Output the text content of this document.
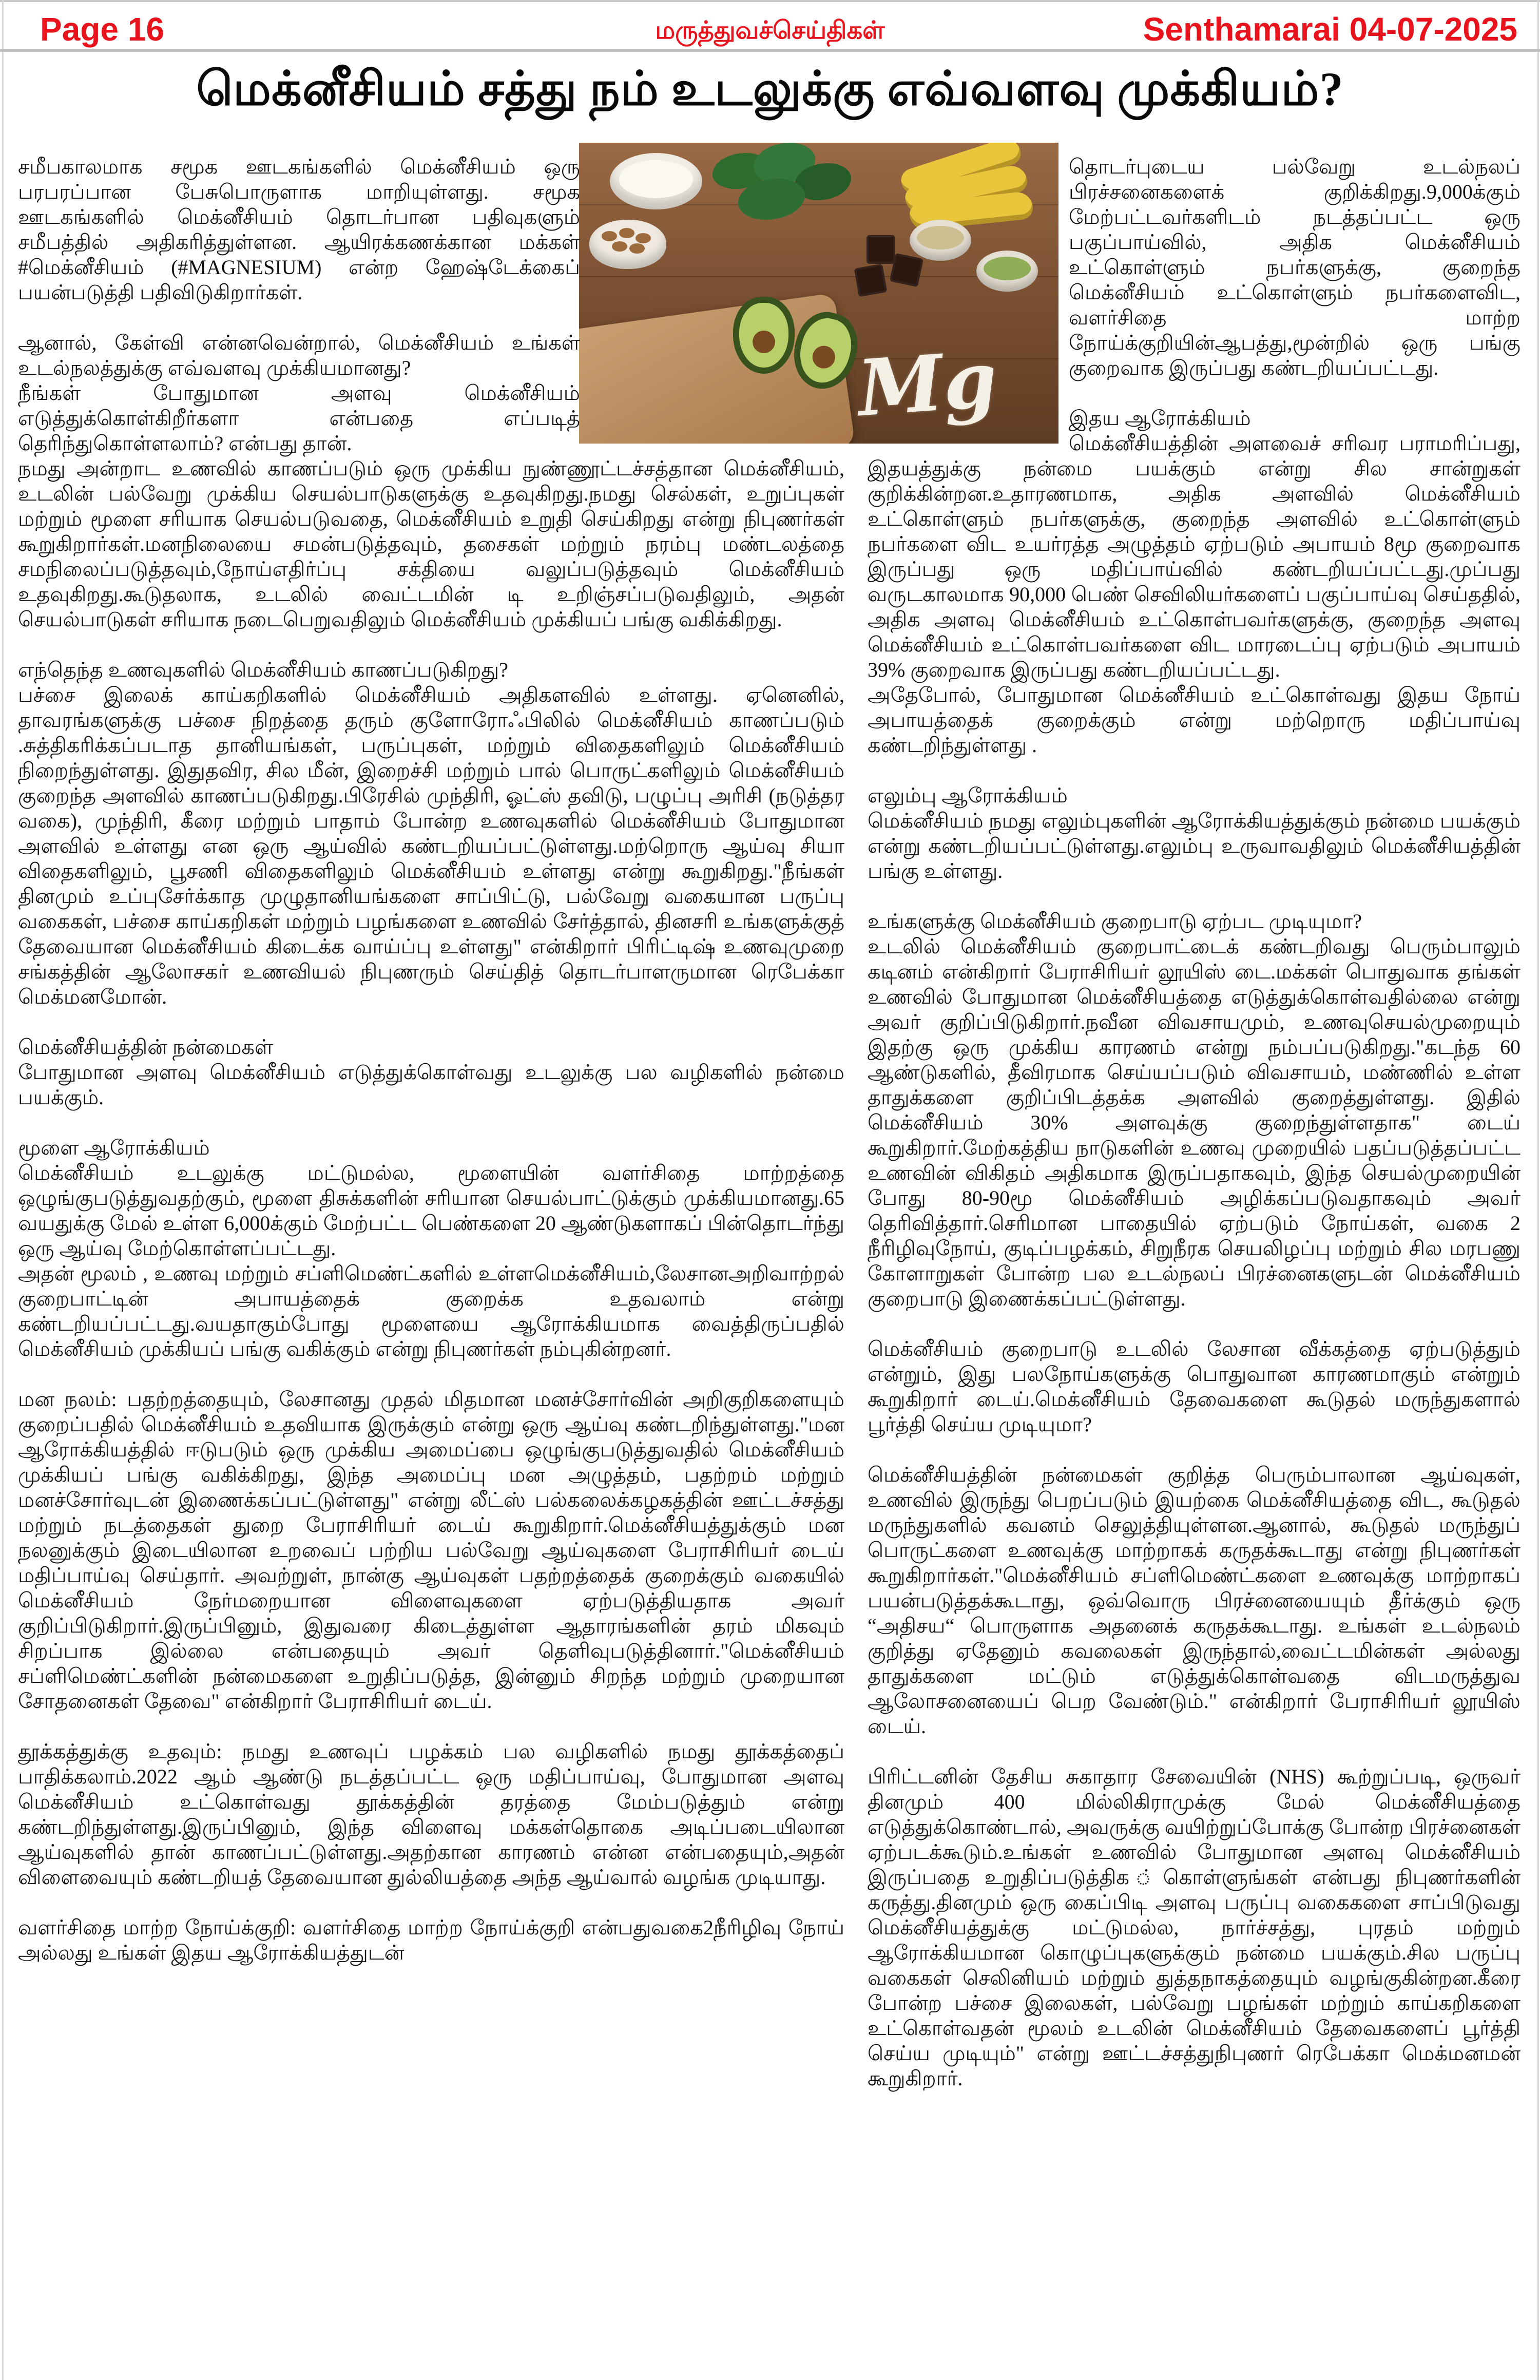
Page 16	மருத்துவச்செய்திகள்	Senthamarai 04-07-2025
மெக்னீசியம் சத்து நம் உடலுக்கு எவ்வளவு முக்கியம்?
Mg

சமீபகாலமாக சமூக ஊடகங்களில் மெக்னீசியம் ஒரு பரபரப்பான பேசுபொருளாக மாறியுள்ளது. சமூக ஊடகங்களில் மெக்னீசியம் தொடர்பான பதிவுகளும் சமீபத்தில் அதிகரித்துள்ளன. ஆயிரக்கணக்கான மக்கள் #மெக்னீசியம் (#MAGNESIUM) என்ற ஹேஷ்டேக்கைப் பயன்படுத்தி பதிவிடுகிறார்கள்.

ஆனால், கேள்வி என்னவென்றால், மெக்னீசியம் உங்கள் உடல்நலத்துக்கு எவ்வளவு முக்கியமானது?

நீங்கள் போதுமான அளவு மெக்னீசியம் எடுத்துக்கொள்கிறீர்களா என்பதை எப்படித் தெரிந்துகொள்ளலாம்? என்பது தான்.

நமது அன்றாட உணவில் காணப்படும் ஒரு முக்கிய நுண்ணூட்டச்சத்தான மெக்னீசியம், உடலின் பல்வேறு முக்கிய செயல்பாடுகளுக்கு உதவுகிறது.நமது செல்கள், உறுப்புகள் மற்றும் மூளை சரியாக செயல்படுவதை, மெக்னீசியம் உறுதி செய்கிறது என்று நிபுணர்கள் கூறுகிறார்கள்.மனநிலையை சமன்படுத்தவும், தசைகள் மற்றும் நரம்பு மண்டலத்தை சமநிலைப்படுத்தவும்,நோய்எதிர்ப்பு சக்தியை வலுப்படுத்தவும் மெக்னீசியம் உதவுகிறது.கூடுதலாக, உடலில் வைட்டமின் டி உறிஞ்சப்படுவதிலும், அதன் செயல்பாடுகள் சரியாக நடைபெறுவதிலும் மெக்னீசியம் முக்கியப் பங்கு வகிக்கிறது.

எந்தெந்த உணவுகளில் மெக்னீசியம் காணப்படுகிறது?

பச்சை இலைக் காய்கறிகளில் மெக்னீசியம் அதிகளவில் உள்ளது. ஏனெனில், தாவரங்களுக்கு பச்சை நிறத்தை தரும் குளோரோஃபிலில் மெக்னீசியம் காணப்படும் .சுத்திகரிக்கப்படாத தானியங்கள், பருப்புகள், மற்றும் விதைகளிலும் மெக்னீசியம் நிறைந்துள்ளது. இதுதவிர, சில மீன், இறைச்சி மற்றும் பால் பொருட்களிலும் மெக்னீசியம் குறைந்த அளவில் காணப்படுகிறது.பிரேசில் முந்திரி, ஓட்ஸ் தவிடு, பழுப்பு அரிசி (நடுத்தர வகை), முந்திரி, கீரை மற்றும் பாதாம் போன்ற உணவுகளில் மெக்னீசியம் போதுமான அளவில் உள்ளது என ஒரு ஆய்வில் கண்டறியப்பட்டுள்ளது.மற்றொரு ஆய்வு சியா விதைகளிலும், பூசணி விதைகளிலும் மெக்னீசியம் உள்ளது என்று கூறுகிறது."நீங்கள் தினமும் உப்புசேர்க்காத முழுதானியங்களை சாப்பிட்டு, பல்வேறு வகையான பருப்பு வகைகள், பச்சை காய்கறிகள் மற்றும் பழங்களை உணவில் சேர்த்தால், தினசரி உங்களுக்குத் தேவையான மெக்னீசியம் கிடைக்க வாய்ப்பு உள்ளது" என்கிறார் பிரிட்டிஷ் உணவுமுறை சங்கத்தின் ஆலோசகர் உணவியல் நிபுணரும் செய்தித் தொடர்பாளருமான ரெபேக்கா மெக்மனமோன்.

மெக்னீசியத்தின் நன்மைகள்

போதுமான அளவு மெக்னீசியம் எடுத்துக்கொள்வது உடலுக்கு பல வழிகளில் நன்மை பயக்கும்.

மூளை ஆரோக்கியம்

மெக்னீசியம் உடலுக்கு மட்டுமல்ல, மூளையின் வளர்சிதை மாற்றத்தை ஒழுங்குபடுத்துவதற்கும், மூளை திசுக்களின் சரியான செயல்பாட்டுக்கும் முக்கியமானது.65 வயதுக்கு மேல் உள்ள 6,000க்கும் மேற்பட்ட பெண்களை 20 ஆண்டுகளாகப் பின்தொடர்ந்து ஒரு ஆய்வு மேற்கொள்ளப்பட்டது.

அதன் மூலம் , உணவு மற்றும் சப்ளிமெண்ட்களில் உள்ளமெக்னீசியம்,லேசானஅறிவாற்றல் குறைபாட்டின் அபாயத்தைக் குறைக்க உதவலாம் என்று கண்டறியப்பட்டது.வயதாகும்போது மூளையை ஆரோக்கியமாக வைத்திருப்பதில் மெக்னீசியம் முக்கியப் பங்கு வகிக்கும் என்று நிபுணர்கள் நம்புகின்றனர்.

மன நலம்: பதற்றத்தையும், லேசானது முதல் மிதமான மனச்சோர்வின் அறிகுறிகளையும் குறைப்பதில் மெக்னீசியம் உதவியாக இருக்கும் என்று ஒரு ஆய்வு கண்டறிந்துள்ளது."மன ஆரோக்கியத்தில் ஈடுபடும் ஒரு முக்கிய அமைப்பை ஒழுங்குபடுத்துவதில் மெக்னீசியம் முக்கியப் பங்கு வகிக்கிறது, இந்த அமைப்பு மன அழுத்தம், பதற்றம் மற்றும் மனச்சோர்வுடன் இணைக்கப்பட்டுள்ளது" என்று லீட்ஸ் பல்கலைக்கழகத்தின் ஊட்டச்சத்து மற்றும் நடத்தைகள் துறை பேராசிரியர் டைய் கூறுகிறார்.மெக்னீசியத்துக்கும் மன நலனுக்கும் இடையிலான உறவைப் பற்றிய பல்வேறு ஆய்வுகளை பேராசிரியர் டைய் மதிப்பாய்வு செய்தார். அவற்றுள், நான்கு ஆய்வுகள் பதற்றத்தைக் குறைக்கும் வகையில் மெக்னீசியம் நேர்மறையான விளைவுகளை ஏற்படுத்தியதாக அவர் குறிப்பிடுகிறார்.இருப்பினும், இதுவரை கிடைத்துள்ள ஆதாரங்களின் தரம் மிகவும் சிறப்பாக இல்லை என்பதையும் அவர் தெளிவுபடுத்தினார்."மெக்னீசியம் சப்ளிமெண்ட்களின் நன்மைகளை உறுதிப்படுத்த, இன்னும் சிறந்த மற்றும் முறையான சோதனைகள் தேவை" என்கிறார் பேராசிரியர் டைய்.

தூக்கத்துக்கு உதவும்: நமது உணவுப் பழக்கம் பல வழிகளில் நமது தூக்கத்தைப் பாதிக்கலாம்.2022 ஆம் ஆண்டு நடத்தப்பட்ட ஒரு மதிப்பாய்வு, போதுமான அளவு மெக்னீசியம் உட்கொள்வது தூக்கத்தின் தரத்தை மேம்படுத்தும் என்று கண்டறிந்துள்ளது.இருப்பினும், இந்த விளைவு மக்கள்தொகை அடிப்படையிலான ஆய்வுகளில் தான் காணப்பட்டுள்ளது.அதற்கான காரணம் என்ன என்பதையும்,அதன் விளைவையும் கண்டறியத் தேவையான துல்லியத்தை அந்த ஆய்வால் வழங்க முடியாது.

வளர்சிதை மாற்ற நோய்க்குறி: வளர்சிதை மாற்ற நோய்க்குறி என்பதுவகை2நீரிழிவு நோய் அல்லது உங்கள் இதய ஆரோக்கியத்துடன்

தொடர்புடைய பல்வேறு உடல்நலப் பிரச்சனைகளைக் குறிக்கிறது.9,000க்கும் மேற்பட்டவர்களிடம் நடத்தப்பட்ட ஒரு பகுப்பாய்வில், அதிக மெக்னீசியம் உட்கொள்ளும் நபர்களுக்கு, குறைந்த மெக்னீசியம் உட்கொள்ளும் நபர்களைவிட, வளர்சிதை மாற்ற நோய்க்குறியின்ஆபத்து,மூன்றில் ஒரு பங்கு குறைவாக இருப்பது கண்டறியப்பட்டது.

இதய ஆரோக்கியம்

மெக்னீசியத்தின் அளவைச் சரிவர பராமரிப்பது, இதயத்துக்கு நன்மை பயக்கும் என்று சில சான்றுகள் குறிக்கின்றன.உதாரணமாக, அதிக அளவில் மெக்னீசியம் உட்கொள்ளும் நபர்களுக்கு, குறைந்த அளவில் உட்கொள்ளும் நபர்களை விட உயர்ரத்த அழுத்தம் ஏற்படும் அபாயம் 8மூ குறைவாக இருப்பது ஒரு மதிப்பாய்வில் கண்டறியப்பட்டது.முப்பது வருடகாலமாக 90,000 பெண் செவிலியர்களைப் பகுப்பாய்வு செய்ததில், அதிக அளவு மெக்னீசியம் உட்கொள்பவர்களுக்கு, குறைந்த அளவு மெக்னீசியம் உட்கொள்பவர்களை விட மாரடைப்பு ஏற்படும் அபாயம் 39% குறைவாக இருப்பது கண்டறியப்பட்டது.

அதேபோல், போதுமான மெக்னீசியம் உட்கொள்வது இதய நோய் அபாயத்தைக் குறைக்கும் என்று மற்றொரு மதிப்பாய்வு கண்டறிந்துள்ளது .

எலும்பு ஆரோக்கியம்

மெக்னீசியம் நமது எலும்புகளின் ஆரோக்கியத்துக்கும் நன்மை பயக்கும் என்று கண்டறியப்பட்டுள்ளது.எலும்பு உருவாவதிலும் மெக்னீசியத்தின் பங்கு உள்ளது.

உங்களுக்கு மெக்னீசியம் குறைபாடு ஏற்பட முடியுமா?

உடலில் மெக்னீசியம் குறைபாட்டைக் கண்டறிவது பெரும்பாலும் கடினம் என்கிறார் பேராசிரியர் லூயிஸ் டை.மக்கள் பொதுவாக தங்கள் உணவில் போதுமான மெக்னீசியத்தை எடுத்துக்கொள்வதில்லை என்று அவர் குறிப்பிடுகிறார்.நவீன விவசாயமும், உணவுசெயல்முறையும் இதற்கு ஒரு முக்கிய காரணம் என்று நம்பப்படுகிறது."கடந்த 60 ஆண்டுகளில், தீவிரமாக செய்யப்படும் விவசாயம், மண்ணில் உள்ள தாதுக்களை குறிப்பிடத்தக்க அளவில் குறைத்துள்ளது. இதில் மெக்னீசியம் 30% அளவுக்கு குறைந்துள்ளதாக" டைய் கூறுகிறார்.மேற்கத்திய நாடுகளின் உணவு முறையில் பதப்படுத்தப்பட்ட உணவின் விகிதம் அதிகமாக இருப்பதாகவும், இந்த செயல்முறையின் போது 80-90மூ மெக்னீசியம் அழிக்கப்படுவதாகவும் அவர் தெரிவித்தார்.செரிமான பாதையில் ஏற்படும் நோய்கள், வகை 2 நீரிழிவுநோய், குடிப்பழக்கம், சிறுநீரக செயலிழப்பு மற்றும் சில மரபணு கோளாறுகள் போன்ற பல உடல்நலப் பிரச்னைகளுடன் மெக்னீசியம் குறைபாடு இணைக்கப்பட்டுள்ளது.

மெக்னீசியம் குறைபாடு உடலில் லேசான வீக்கத்தை ஏற்படுத்தும் என்றும், இது பலநோய்களுக்கு பொதுவான காரணமாகும் என்றும் கூறுகிறார் டைய்.மெக்னீசியம் தேவைகளை கூடுதல் மருந்துகளால் பூர்த்தி செய்ய முடியுமா?

மெக்னீசியத்தின் நன்மைகள் குறித்த பெரும்பாலான ஆய்வுகள், உணவில் இருந்து பெறப்படும் இயற்கை மெக்னீசியத்தை விட, கூடுதல் மருந்துகளில் கவனம் செலுத்தியுள்ளன.ஆனால், கூடுதல் மருந்துப் பொருட்களை உணவுக்கு மாற்றாகக் கருதக்கூடாது என்று நிபுணர்கள் கூறுகிறார்கள்."மெக்னீசியம் சப்ளிமெண்ட்களை உணவுக்கு மாற்றாகப் பயன்படுத்தக்கூடாது, ஒவ்வொரு பிரச்னையையும் தீர்க்கும் ஒரு “அதிசய“ பொருளாக அதனைக் கருதக்கூடாது. உங்கள் உடல்நலம் குறித்து ஏதேனும் கவலைகள் இருந்தால்,வைட்டமின்கள் அல்லது தாதுக்களை மட்டும் எடுத்துக்கொள்வதை விடமருத்துவ ஆலோசனையைப் பெற வேண்டும்." என்கிறார் பேராசிரியர் லூயிஸ் டைய்.

பிரிட்டனின் தேசிய சுகாதார சேவையின் (NHS) கூற்றுப்படி, ஒருவர் தினமும் 400 மில்லிகிராமுக்கு மேல் மெக்னீசியத்தை எடுத்துக்கொண்டால், அவருக்கு வயிற்றுப்போக்கு போன்ற பிரச்னைகள் ஏற்படக்கூடும்.உங்கள் உணவில் போதுமான அளவு மெக்னீசியம் இருப்பதை உறுதிப்படுத்திக ்கொள்ளுங்கள் என்பது நிபுணர்களின் கருத்து.தினமும் ஒரு கைப்பிடி அளவு பருப்பு வகைகளை சாப்பிடுவது மெக்னீசியத்துக்கு மட்டுமல்ல, நார்ச்சத்து, புரதம் மற்றும் ஆரோக்கியமான கொழுப்புகளுக்கும் நன்மை பயக்கும்.சில பருப்பு வகைகள் செலினியம் மற்றும் துத்தநாகத்தையும் வழங்குகின்றன.கீரை போன்ற பச்சை இலைகள், பல்வேறு பழங்கள் மற்றும் காய்கறிகளை உட்கொள்வதன் மூலம் உடலின் மெக்னீசியம் தேவைகளைப் பூர்த்தி செய்ய முடியும்" என்று ஊட்டச்சத்துநிபுணர் ரெபேக்கா மெக்மனமன் கூறுகிறார்.
